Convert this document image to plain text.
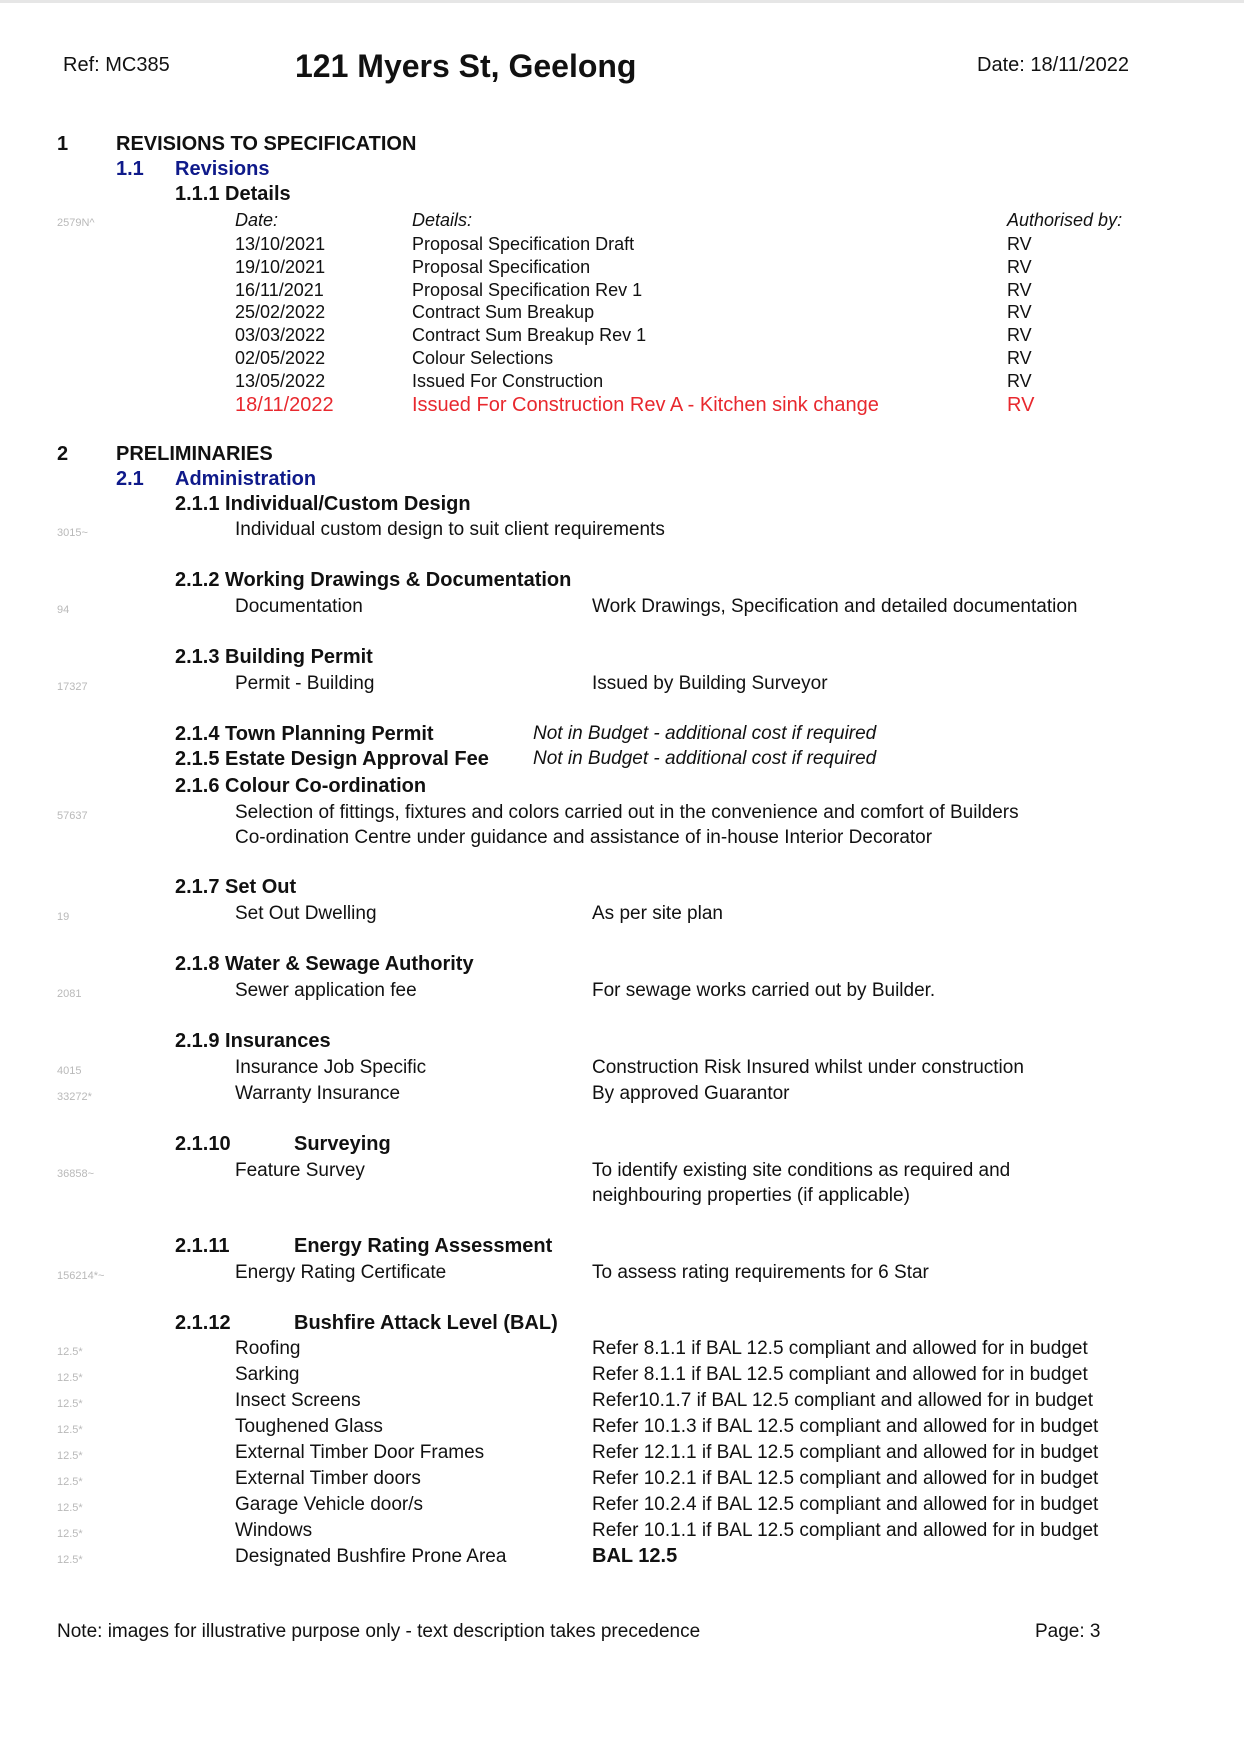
Ref: MC385	121 Myers St, Geelong	Date: 18/11/2022
1 REVISIONS TO SPECIFICATION
1.1 Revisions
1.1.1 Details
2579N^	Date:	Details:	Authorised by:
13/10/2021	Proposal Specification Draft	RV
19/10/2021	Proposal Specification	RV
16/11/2021	Proposal Specification Rev 1	RV
25/02/2022	Contract Sum Breakup	RV
03/03/2022	Contract Sum Breakup Rev 1	RV
02/05/2022	Colour Selections	RV
13/05/2022	Issued For Construction	RV
18/11/2022	Issued For Construction Rev A - Kitchen sink change	RV
2 PRELIMINARIES
2.1 Administration
2.1.1 Individual/Custom Design
3015~	Individual custom design to suit client requirements
2.1.2 Working Drawings & Documentation
94	Documentation	Work Drawings, Specification and detailed documentation
2.1.3 Building Permit
17327	Permit - Building	Issued by Building Surveyor
2.1.4 Town Planning Permit	Not in Budget - additional cost if required
2.1.5 Estate Design Approval Fee Not in Budget - additional cost if required
2.1.6 Colour Co-ordination
57637	Selection of fittings, fixtures and colors carried out in the convenience and comfort of Builders
Co-ordination Centre under guidance and assistance of in-house Interior Decorator
2.1.7 Set Out
19	Set Out Dwelling	As per site plan
2.1.8 Water & Sewage Authority
2081	Sewer application fee	For sewage works carried out by Builder.
2.1.9 Insurances
4015	Insurance Job Specific	Construction Risk Insured whilst under construction
33272*	Warranty Insurance	By approved Guarantor
2.1.10	Surveying
36858~	Feature Survey	To identify existing site conditions as required and
neighbouring properties (if applicable)
2.1.11	Energy Rating Assessment
156214*~	Energy Rating Certificate	To assess rating requirements for 6 Star
2.1.12	Bushfire Attack Level (BAL)
12.5*	Roofing	Refer 8.1.1 if BAL 12.5 compliant and allowed for in budget
12.5*	Sarking	Refer 8.1.1 if BAL 12.5 compliant and allowed for in budget
12.5*	Insect Screens	Refer10.1.7 if BAL 12.5 compliant and allowed for in budget
12.5*	Toughened Glass	Refer 10.1.3 if BAL 12.5 compliant and allowed for in budget
12.5*	External Timber Door Frames	Refer 12.1.1 if BAL 12.5 compliant and allowed for in budget
12.5*	External Timber doors	Refer 10.2.1 if BAL 12.5 compliant and allowed for in budget
12.5*	Garage Vehicle door/s	Refer 10.2.4 if BAL 12.5 compliant and allowed for in budget
12.5*	Windows	Refer 10.1.1 if BAL 12.5 compliant and allowed for in budget
12.5*	Designated Bushfire Prone Area	BAL 12.5
Note: images for illustrative purpose only - text description takes precedence	Page: 3
